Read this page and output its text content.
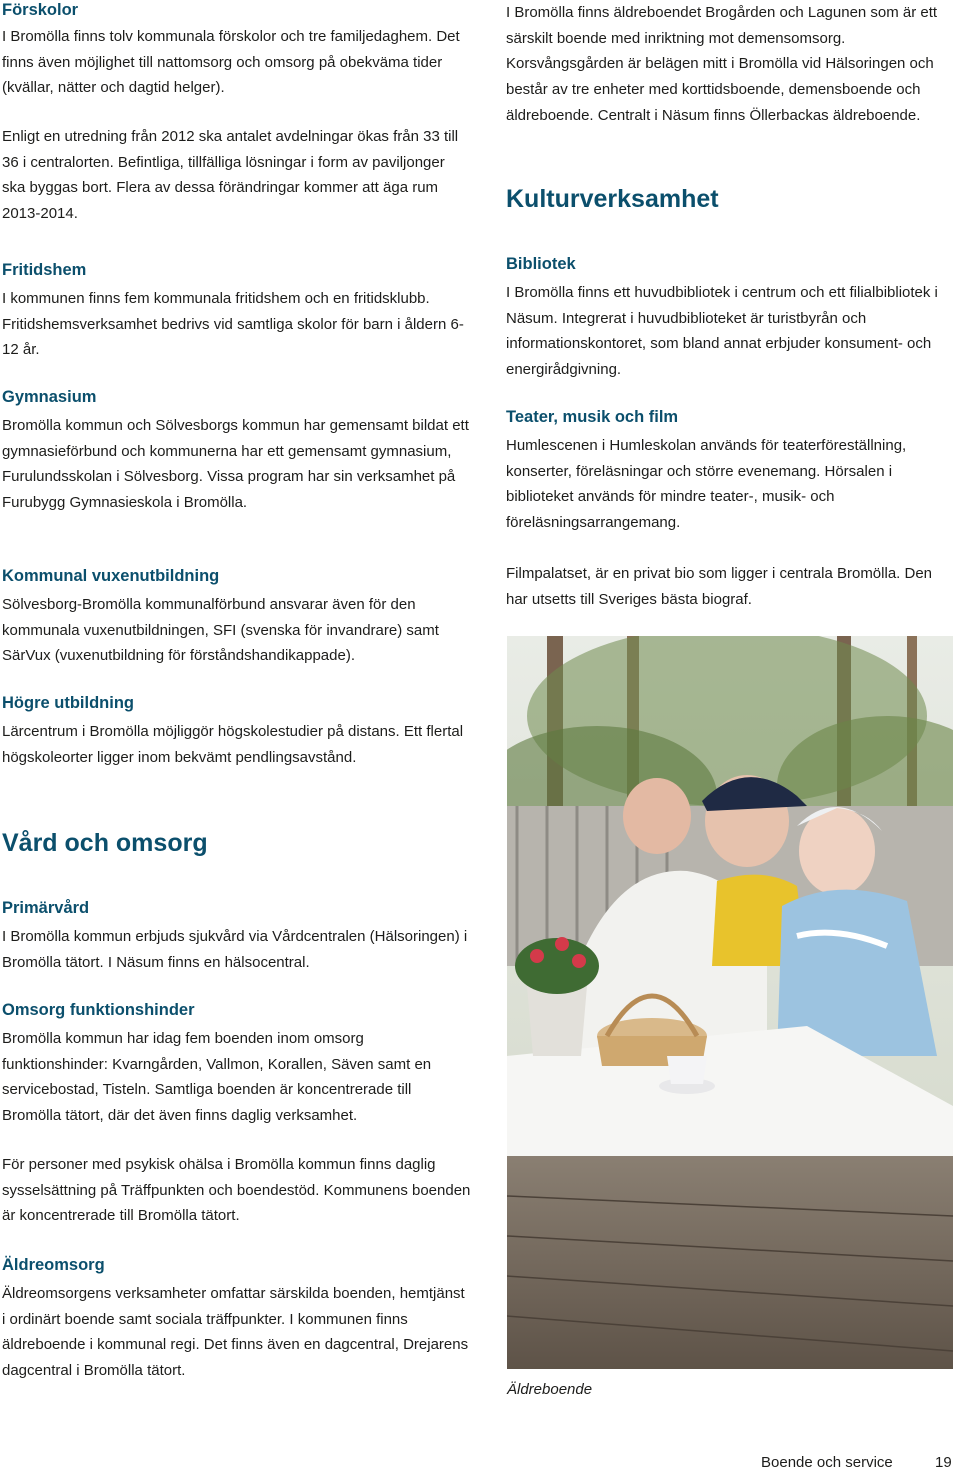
Förskolor

I Bromölla finns tolv kommunala förskolor och tre familjedaghem. Det finns även möjlighet till nattomsorg och omsorg på obekväma tider (kvällar, nätter och dagtid helger).

Enligt en utredning från 2012 ska antalet avdelningar ökas från 33 till 36 i centralorten. Befintliga, tillfälliga lösningar i form av paviljonger ska byggas bort. Flera av dessa förändringar kommer att äga rum 2013-2014.

Fritidshem

I kommunen finns fem kommunala fritidshem och en fritidsklubb. Fritidshemsverksamhet bedrivs vid samtliga skolor för barn i åldern 6-12 år.

Gymnasium

Bromölla kommun och Sölvesborgs kommun har gemensamt bildat ett gymnasieförbund och kommunerna har ett gemensamt gymnasium, Furulundsskolan i Sölvesborg. Vissa program har sin verksamhet på Furubygg Gymnasieskola i Bromölla.

Kommunal vuxenutbildning

Sölvesborg-Bromölla kommunalförbund ansvarar även för den kommunala vuxenutbildningen, SFI (svenska för invandrare) samt SärVux (vuxenutbildning för förståndshandikappade).

Högre utbildning

Lärcentrum i Bromölla möjliggör högskolestudier på distans. Ett flertal högskoleorter ligger inom bekvämt pendlingsavstånd.

Vård och omsorg
Primärvård

I Bromölla kommun erbjuds sjukvård via Vårdcentralen (Hälsoringen) i Bromölla tätort. I Näsum finns en hälsocentral.

Omsorg funktionshinder

Bromölla kommun har idag fem boenden inom omsorg funktionshinder: Kvarngården, Vallmon, Korallen, Säven samt en servicebostad, Tisteln. Samtliga boenden är koncentrerade till Bromölla tätort, där det även finns daglig verksamhet.

För personer med psykisk ohälsa i Bromölla kommun finns daglig sysselsättning på Träffpunkten och boendestöd. Kommunens boenden är koncentrerade till Bromölla tätort.

Äldreomsorg

Äldreomsorgens verksamheter omfattar särskilda boenden, hemtjänst i ordinärt boende samt sociala träffpunkter. I kommunen finns äldreboende i kommunal regi. Det finns även en dagcentral, Drejarens dagcentral i Bromölla tätort.

I Bromölla finns äldreboendet Brogården och Lagunen som är ett särskilt boende med inriktning mot demensomsorg. Korsvångsgården är belägen mitt i Bromölla vid Hälsoringen och består av tre enheter med korttidsboende, demensboende och äldreboende. Centralt i Näsum finns Öllerbackas äldreboende.

Kulturverksamhet
Bibliotek

I Bromölla finns ett huvudbibliotek i centrum och ett filialbibliotek i Näsum. Integrerat i huvudbiblioteket är turistbyrån och informationskontoret, som bland annat erbjuder konsument- och energirådgivning.

Teater, musik och film

Humlescenen i Humleskolan används för teaterföreställning, konserter, föreläsningar och större evenemang. Hörsalen i biblioteket används för mindre teater-, musik- och föreläsningsarrangemang.

Filmpalatset, är en privat bio som ligger i centrala Bromölla. Den har utsetts till Sveriges bästa biograf.

Äldreboende
Boende och service	19
